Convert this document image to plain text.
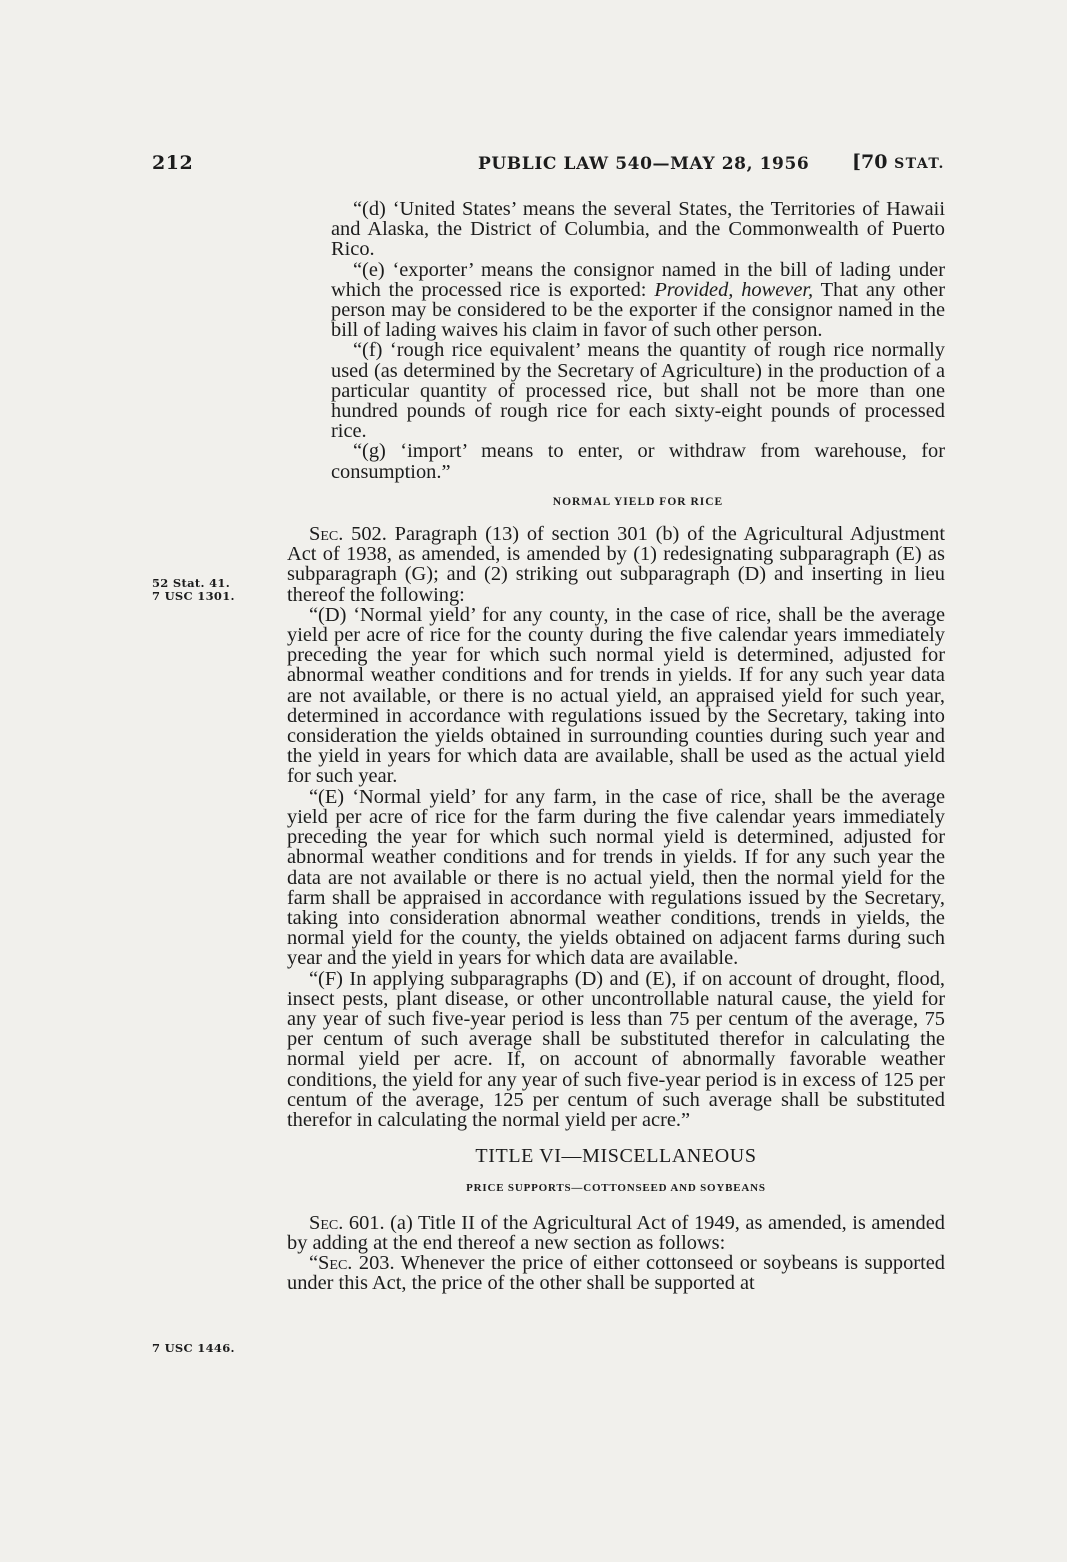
212	PUBLIC LAW 540—MAY 28, 1956 [70 STAT.
52 Stat. 41.
7 USC 1301.
7 USC 1446.

“(d) ‘United States’ means the several States, the Territories of Hawaii and Alaska, the District of Columbia, and the Commonwealth of Puerto Rico.

“(e) ‘exporter’ means the consignor named in the bill of lading under which the processed rice is exported: Provided, however, That any other person may be considered to be the exporter if the consignor named in the bill of lading waives his claim in favor of such other person.

“(f) ‘rough rice equivalent’ means the quantity of rough rice normally used (as determined by the Secretary of Agriculture) in the production of a particular quantity of processed rice, but shall not be more than one hundred pounds of rough rice for each sixty-eight pounds of processed rice.

“(g) ‘import’ means to enter, or withdraw from warehouse, for consumption.”

NORMAL YIELD FOR RICE

Sec. 502. Paragraph (13) of section 301 (b) of the Agricultural Adjustment Act of 1938, as amended, is amended by (1) redesignating subparagraph (E) as subparagraph (G); and (2) striking out subparagraph (D) and inserting in lieu thereof the following:

“(D) ‘Normal yield’ for any county, in the case of rice, shall be the average yield per acre of rice for the county during the five calendar years immediately preceding the year for which such normal yield is determined, adjusted for abnormal weather conditions and for trends in yields. If for any such year data are not available, or there is no actual yield, an appraised yield for such year, determined in accordance with regulations issued by the Secretary, taking into consideration the yields obtained in surrounding counties during such year and the yield in years for which data are available, shall be used as the actual yield for such year.

“(E) ‘Normal yield’ for any farm, in the case of rice, shall be the average yield per acre of rice for the farm during the five calendar years immediately preceding the year for which such normal yield is determined, adjusted for abnormal weather conditions and for trends in yields. If for any such year the data are not available or there is no actual yield, then the normal yield for the farm shall be appraised in accordance with regulations issued by the Secretary, taking into consideration abnormal weather conditions, trends in yields, the normal yield for the county, the yields obtained on adjacent farms during such year and the yield in years for which data are available.

“(F) In applying subparagraphs (D) and (E), if on account of drought, flood, insect pests, plant disease, or other uncontrollable natural cause, the yield for any year of such five-year period is less than 75 per centum of the average, 75 per centum of such average shall be substituted therefor in calculating the normal yield per acre. If, on account of abnormally favorable weather conditions, the yield for any year of such five-year period is in excess of 125 per centum of the average, 125 per centum of such average shall be substituted therefor in calculating the normal yield per acre.”

TITLE VI—MISCELLANEOUS
PRICE SUPPORTS—COTTONSEED AND SOYBEANS

Sec. 601. (a) Title II of the Agricultural Act of 1949, as amended, is amended by adding at the end thereof a new section as follows:

“Sec. 203. Whenever the price of either cottonseed or soybeans is supported under this Act, the price of the other shall be supported at
